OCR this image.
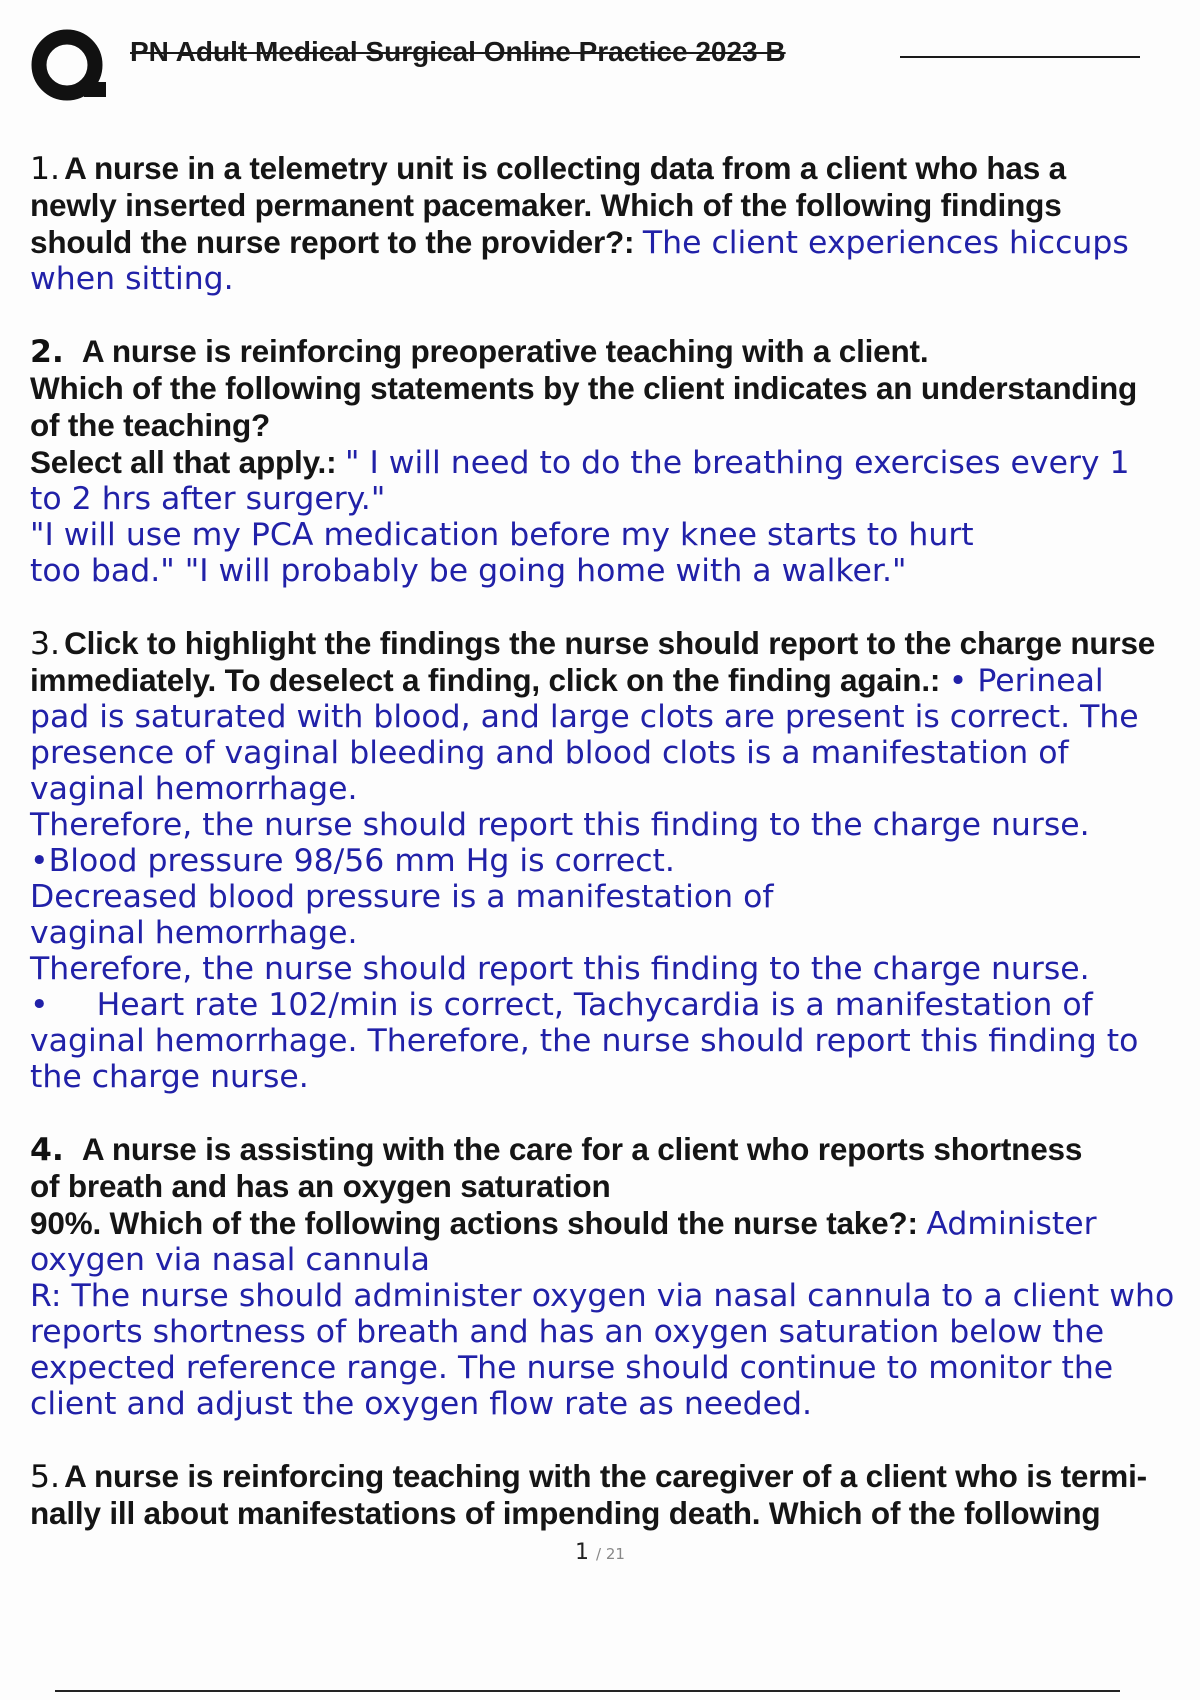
PN Adult Medical Surgical Online Practice 2023 B
1. A nurse in a telemetry unit is collecting data from a client who has a
newly inserted permanent pacemaker. Which of the following findings
should the nurse report to the provider?: The client experiences hiccups
when sitting.
2. A nurse is reinforcing preoperative teaching with a client.
Which of the following statements by the client indicates an understanding
of the teaching?
Select all that apply.: " I will need to do the breathing exercises every 1
to 2 hrs after surgery."
"I will use my PCA medication before my knee starts to hurt
too bad." "I will probably be going home with a walker."
3. Click to highlight the findings the nurse should report to the charge nurse
immediately. To deselect a finding, click on the finding again.: • Perineal
pad is saturated with blood, and large clots are present is correct. The
presence of vaginal bleeding and blood clots is a manifestation of
vaginal hemorrhage.
Therefore, the nurse should report this finding to the charge nurse.
•Blood pressure 98/56 mm Hg is correct.
Decreased blood pressure is a manifestation of
vaginal hemorrhage.
Therefore, the nurse should report this finding to the charge nurse.
• Heart rate 102/min is correct, Tachycardia is a manifestation of
vaginal hemorrhage. Therefore, the nurse should report this finding to
the charge nurse.
4. A nurse is assisting with the care for a client who reports shortness
of breath and has an oxygen saturation
90%. Which of the following actions should the nurse take?: Administer
oxygen via nasal cannula
R: The nurse should administer oxygen via nasal cannula to a client who
reports shortness of breath and has an oxygen saturation below the
expected reference range. The nurse should continue to monitor the
client and adjust the oxygen flow rate as needed.
5. A nurse is reinforcing teaching with the caregiver of a client who is termi-
nally ill about manifestations of impending death. Which of the following
1 / 21
